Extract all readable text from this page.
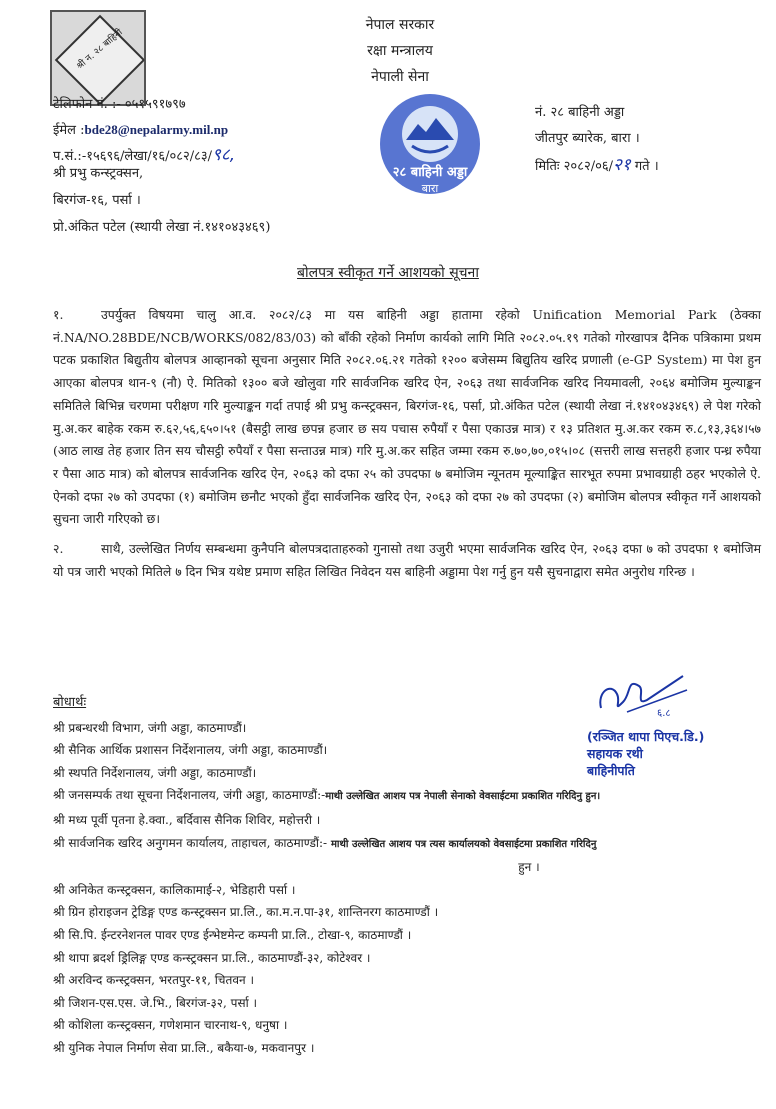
श्री न. २८ बाहिनी
नेपाल सरकार
रक्षा मन्त्रालय
नेपाली सेना
टेलिफोन नं. :- ०५१५९१७९७
ईमेल :bde28@nepalarmy.mil.np
प.सं.:-१५६९६/लेखा/१६/०८२/८३/९८,
२८ बाहिनी अड्डा
बारा
नं. २८ बाहिनी अड्डा
जीतपुर ब्यारेक, बारा ।
मितिः २०८२/०६/२१ गते ।
श्री प्रभु कन्स्ट्रक्सन,
बिरगंज-१६, पर्सा ।
प्रो.अंकित पटेल (स्थायी लेखा नं.१४१०४३४६९)
बोलपत्र स्वीकृत गर्ने आशयको सूचना

१.	उपर्युक्त विषयमा चालु आ.व. २०८२/८३ मा यस बाहिनी अड्डा हातामा रहेको Unification Memorial Park (ठेक्का नं.NA/NO.28BDE/NCB/WORKS/082/83/03) को बाँकी रहेको निर्माण कार्यको लागि मिति २०८२.०५.१९ गतेको गोरखापत्र दैनिक पत्रिकामा प्रथम पटक प्रकाशित बिद्युतीय बोलपत्र आव्हानको सूचना अनुसार मिति २०८२.०६.२१ गतेको १२०० बजेसम्म बिद्युतिय खरिद प्रणाली (e-GP System) मा पेश हुन आएका बोलपत्र थान-९ (नौ) ऐ. मितिको १३०० बजे खोलुवा गरि सार्वजनिक खरिद ऐन, २०६३ तथा सार्वजनिक खरिद नियमावली, २०६४ बमोजिम मुल्याङ्कन समितिले बिभिन्न चरणमा परीक्षण गरि मुल्याङ्कन गर्दा तपाई श्री प्रभु कन्स्ट्रक्सन, बिरगंज-१६, पर्सा, प्रो.अंकित पटेल (स्थायी लेखा नं.१४१०४३४६९) ले पेश गरेको मु.अ.कर बाहेक रकम रु.६२,५६,६५०।५१ (बैसट्ठी लाख छपन्न हजार छ सय पचास रुपैयाँ र पैसा एकाउन्न मात्र) र १३ प्रतिशत मु.अ.कर रकम रु.८,१३,३६४।५७ (आठ लाख तेह हजार तिन सय चौसट्ठी रुपैयाँ र पैसा सन्ताउन्न मात्र) गरि मु.अ.कर सहित जम्मा रकम रु.७०,७०,०१५।०८ (सत्तरी लाख सत्तहरी हजार पन्ध्र रुपैया र पैसा आठ मात्र) को बोलपत्र सार्वजनिक खरिद ऐन, २०६३ को दफा २५ को उपदफा ७ बमोजिम न्यूनतम मूल्याङ्कित सारभूत रुपमा प्रभावग्राही ठहर भएकोले ऐ. ऐनको दफा २७ को उपदफा (१) बमोजिम छनौट भएको हुँदा सार्वजनिक खरिद ऐन, २०६३ को दफा २७ को उपदफा (२) बमोजिम बोलपत्र स्वीकृत गर्ने आशयको सुचना जारी गरिएको छ।

२.	साथै, उल्लेखित निर्णय सम्बन्धमा कुनैपनि बोलपत्रदाताहरुको गुनासो तथा उजुरी भएमा सार्वजनिक खरिद ऐन, २०६३ दफा ७ को उपदफा १ बमोजिम यो पत्र जारी भएको मितिले ७ दिन भित्र यथेष्ट प्रमाण सहित लिखित निवेदन यस बाहिनी अड्डामा पेश गर्नु हुन यसै सुचनाद्वारा समेत अनुरोध गरिन्छ ।

६.८
(रञ्जित थापा पिएच.डि.)
सहायक रथी
बाहिनीपति
बोधार्थः
श्री प्रबन्धरथी विभाग, जंगी अड्डा, काठमाण्डौं।
श्री सैनिक आर्थिक प्रशासन निर्देशनालय, जंगी अड्डा, काठमाण्डौं।
श्री स्थपति निर्देशनालय, जंगी अड्डा, काठमाण्डौं।
श्री जनसम्पर्क तथा सूचना निर्देशनालय, जंगी अड्डा, काठमाण्डौं:-माथी उल्लेखित आशय पत्र नेपाली सेनाको वेवसाईटमा प्रकाशित गरिदिनु हुन।
श्री मध्य पूर्वी पृतना हे.क्वा., बर्दिवास सैनिक शिविर, महोत्तरी ।
श्री सार्वजनिक खरिद अनुगमन कार्यालय, ताहाचल, काठमाण्डौं:- माथी उल्लेखित आशय पत्र त्यस कार्यालयको वेवसाईटमा प्रकाशित गरिदिनु
हुन ।
श्री अनिकेत कन्स्ट्रक्सन, कालिकामाई-२, भेडिहारी पर्सा ।
श्री ग्रिन होराइजन ट्रेडिङ्ग एण्ड कन्स्ट्रक्सन प्रा.लि., का.म.न.पा-३१, शान्तिनरग काठमाण्डौं ।
श्री सि.पि. ईन्टरनेशनल पावर एण्ड ईन्भेष्टमेन्ट कम्पनी प्रा.लि., टोखा-९, काठमाण्डौं ।
श्री थापा ब्रदर्श ड्रिलिङ्ग एण्ड कन्स्ट्रक्सन प्रा.लि., काठमाण्डौं-३२, कोटेश्वर ।
श्री अरविन्द कन्स्ट्रक्सन, भरतपुर-११, चितवन ।
श्री जिशन-एस.एस. जे.भि., बिरगंज-३२, पर्सा ।
श्री कोशिला कन्स्ट्रक्सन, गणेशमान चारनाथ-९, धनुषा ।
श्री युनिक नेपाल निर्माण सेवा प्रा.लि., बकैया-७, मकवानपुर ।
